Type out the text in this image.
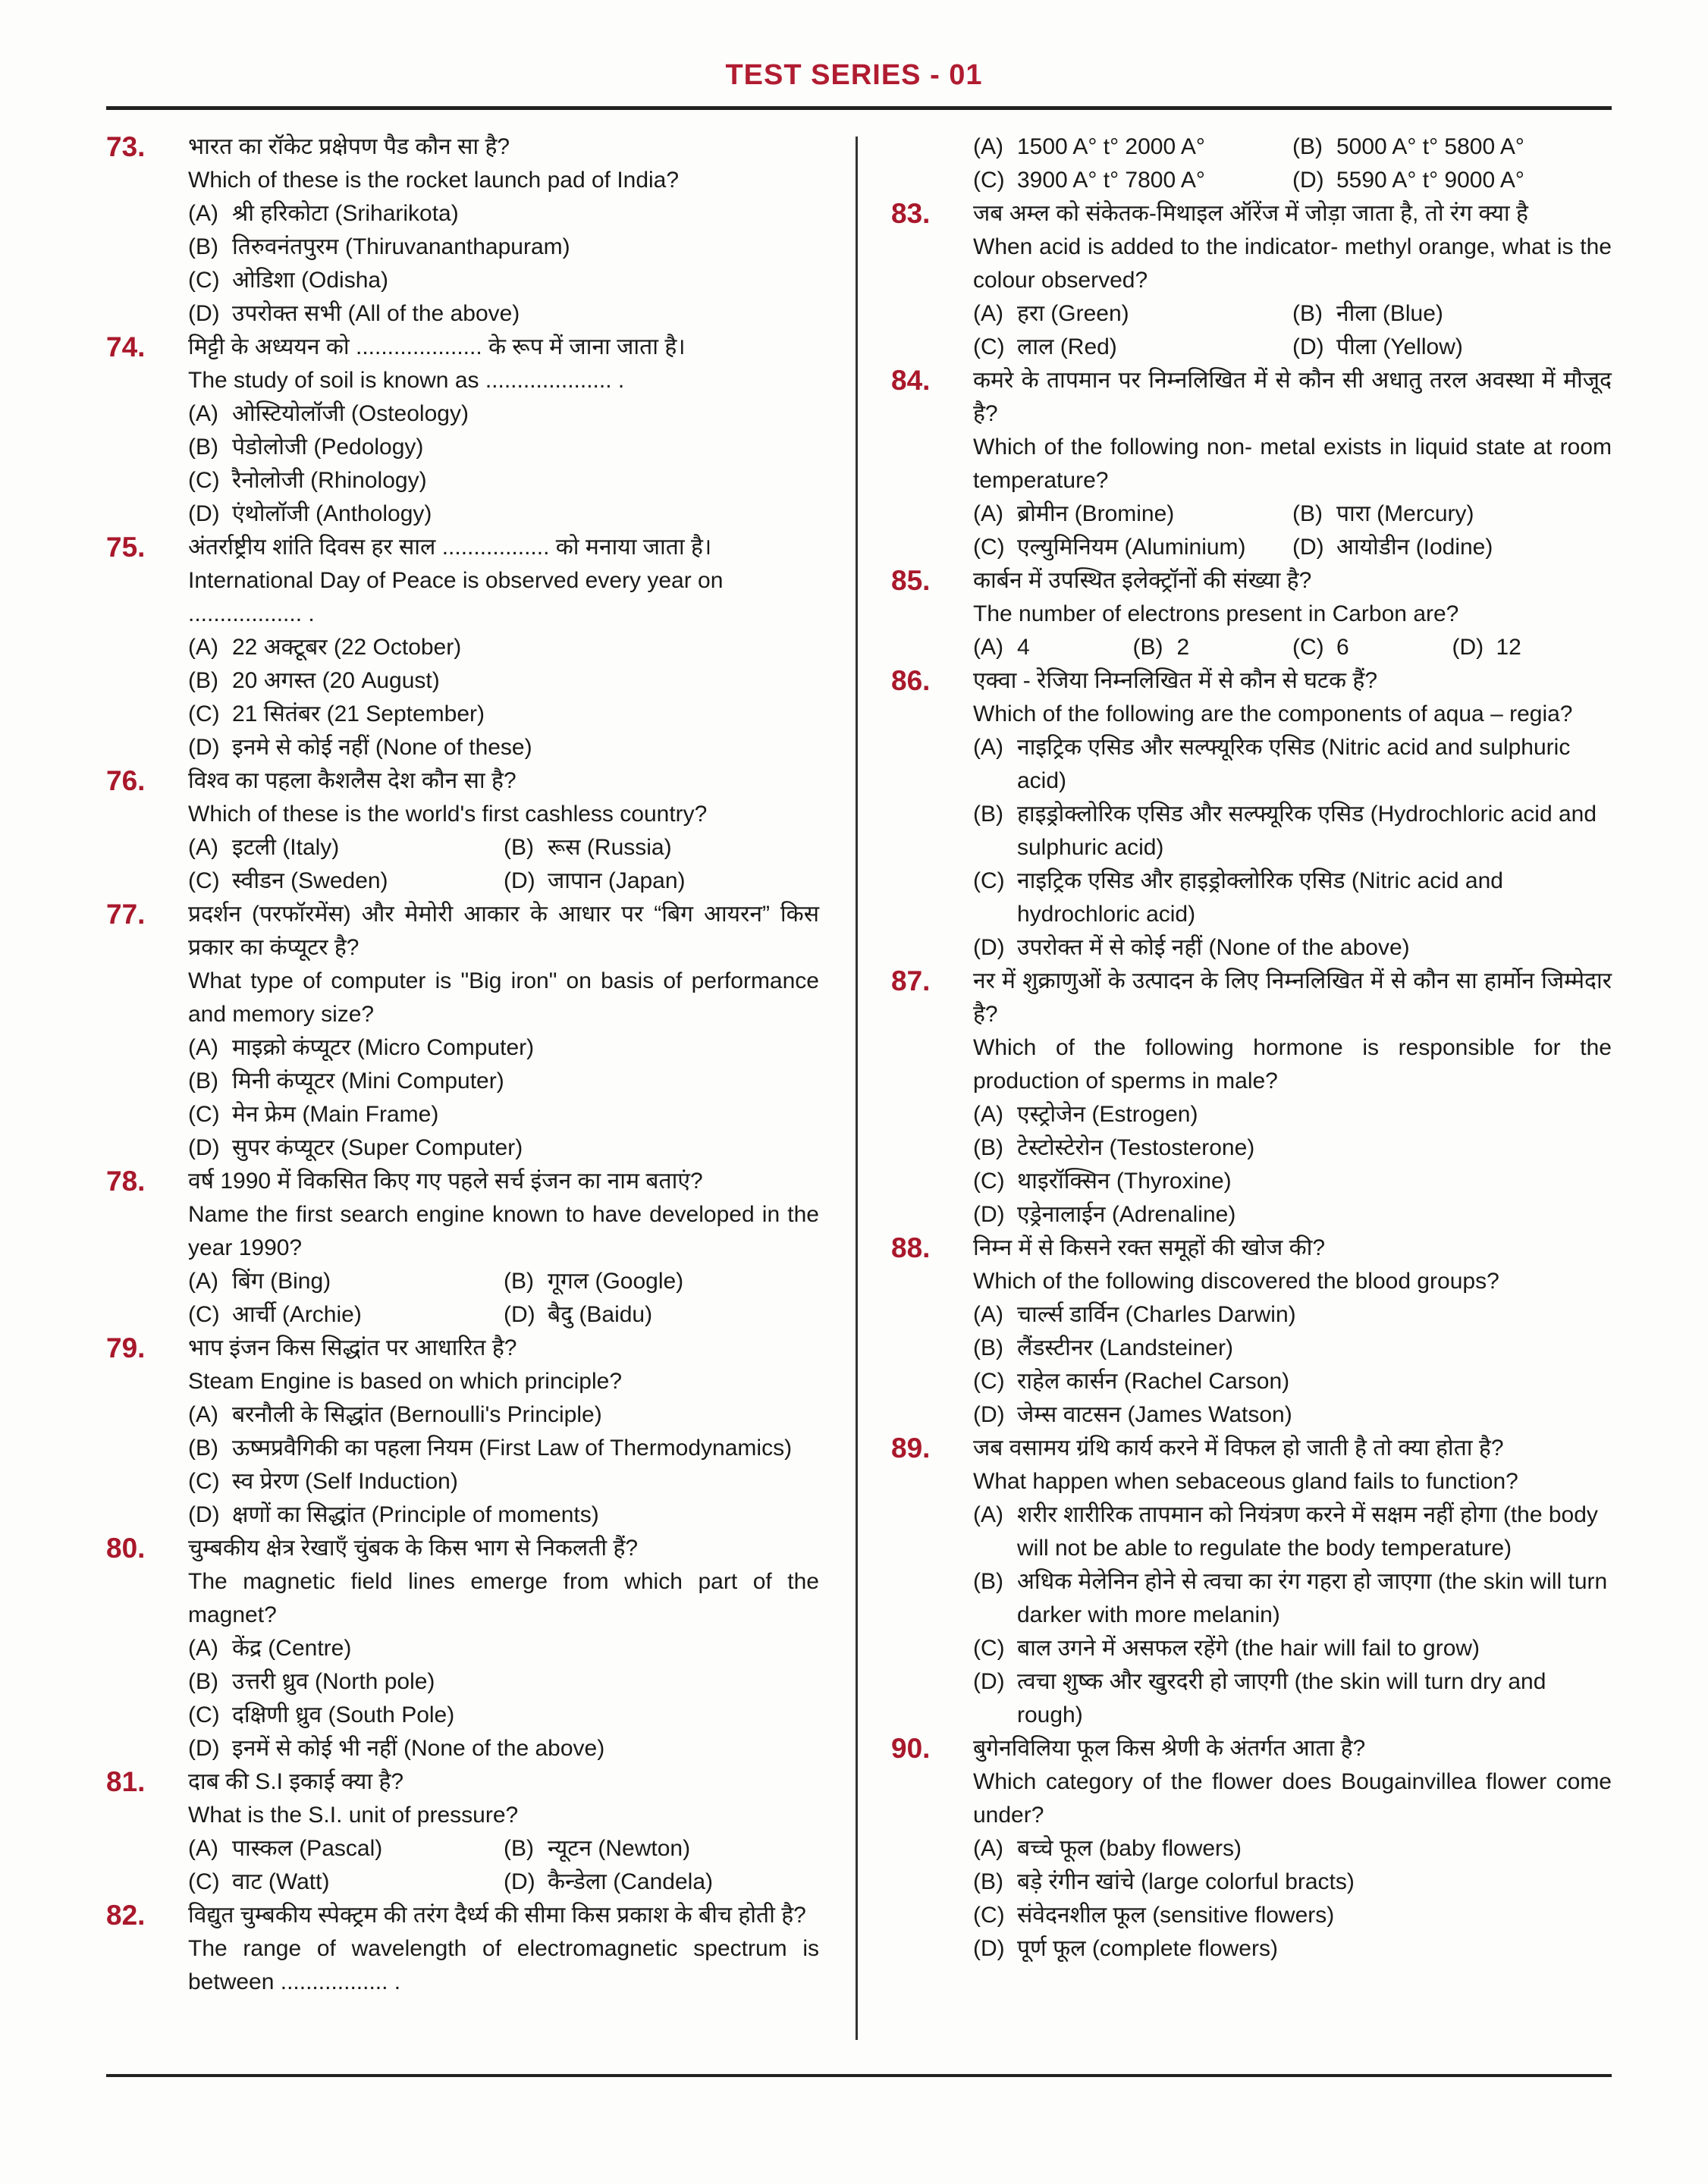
TEST SERIES - 01
73. भारत का रॉकेट प्रक्षेपण पैड कौन सा है?
Which of these is the rocket launch pad of India?
(A) श्री हरिकोटा (Sriharikota)
(B) तिरुवनंतपुरम (Thiruvananthapuram)
(C) ओडिशा (Odisha)
(D) उपरोक्त सभी (All of the above)
74. मिट्टी के अध्ययन को .................... के रूप में जाना जाता है।
The study of soil is known as .................... .
(A) ओस्टियोलॉजी (Osteology)
(B) पेडोलोजी (Pedology)
(C) रैनोलोजी (Rhinology)
(D) एंथोलॉजी (Anthology)
75. अंतर्राष्ट्रीय शांति दिवस हर साल ................. को मनाया जाता है।
International Day of Peace is observed every year on
.................. .
(A) 22 अक्टूबर (22 October)
(B) 20 अगस्त (20 August)
(C) 21 सितंबर (21 September)
(D) इनमे से कोई नहीं (None of these)
76. विश्व का पहला कैशलैस देश कौन सा है?
Which of these is the world's first cashless country?
(A) इटली (Italy)	(B) रूस (Russia)
(C) स्वीडन (Sweden)	(D) जापान (Japan)
77. प्रदर्शन (परफॉरमेंस) और मेमोरी आकार के आधार पर “बिग आयरन” किस प्रकार का कंप्यूटर है?
What type of computer is "Big iron" on basis of performance and memory size?
(A) माइक्रो कंप्यूटर (Micro Computer)
(B) मिनी कंप्यूटर (Mini Computer)
(C) मेन फ्रेम (Main Frame)
(D) सुपर कंप्यूटर (Super Computer)
78. वर्ष 1990 में विकसित किए गए पहले सर्च इंजन का नाम बताएं?
Name the first search engine known to have developed in the year 1990?
(A) बिंग (Bing)	(B) गूगल (Google)
(C) आर्ची (Archie)	(D) बैदु (Baidu)
79. भाप इंजन किस सिद्धांत पर आधारित है?
Steam Engine is based on which principle?
(A) बरनौली के सिद्धांत (Bernoulli's Principle)
(B) ऊष्मप्रवैगिकी का पहला नियम (First Law of Thermodynamics)
(C) स्व प्रेरण (Self Induction)
(D) क्षणों का सिद्धांत (Principle of moments)
80. चुम्बकीय क्षेत्र रेखाएँ चुंबक के किस भाग से निकलती हैं?
The magnetic field lines emerge from which part of the magnet?
(A) केंद्र (Centre)
(B) उत्तरी ध्रुव (North pole)
(C) दक्षिणी ध्रुव (South Pole)
(D) इनमें से कोई भी नहीं (None of the above)
81. दाब की S.I इकाई क्या है?
What is the S.I. unit of pressure?
(A) पास्कल (Pascal)	(B) न्यूटन (Newton)
(C) वाट (Watt)	(D) कैन्डेला (Candela)
82. विद्युत चुम्बकीय स्पेक्ट्रम की तरंग दैर्ध्य की सीमा किस प्रकाश के बीच होती है?
The range of wavelength of electromagnetic spectrum is between ................. .
(A) 1500 A° t° 2000 A°	(B) 5000 A° t° 5800 A°
(C) 3900 A° t° 7800 A°	(D) 5590 A° t° 9000 A°
83. जब अम्ल को संकेतक-मिथाइल ऑरेंज में जोड़ा जाता है, तो रंग क्या है
When acid is added to the indicator- methyl orange, what is the colour observed?
(A) हरा (Green)	(B) नीला (Blue)
(C) लाल (Red)	(D) पीला (Yellow)
84. कमरे के तापमान पर निम्नलिखित में से कौन सी अधातु तरल अवस्था में मौजूद है?
Which of the following non- metal exists in liquid state at room temperature?
(A) ब्रोमीन (Bromine)	(B) पारा (Mercury)
(C) एल्युमिनियम (Aluminium)	(D) आयोडीन (Iodine)
85. कार्बन में उपस्थित इलेक्ट्रॉनों की संख्या है?
The number of electrons present in Carbon are?
(A) 4	(B) 2	(C) 6	(D) 12
86. एक्वा - रेजिया निम्नलिखित में से कौन से घटक हैं?
Which of the following are the components of aqua – regia?
(A) नाइट्रिक एसिड और सल्फ्यूरिक एसिड (Nitric acid and sulphuric acid)
(B) हाइड्रोक्लोरिक एसिड और सल्फ्यूरिक एसिड (Hydrochloric acid and sulphuric acid)
(C) नाइट्रिक एसिड और हाइड्रोक्लोरिक एसिड (Nitric acid and hydrochloric acid)
(D) उपरोक्त में से कोई नहीं (None of the above)
87. नर में शुक्राणुओं के उत्पादन के लिए निम्नलिखित में से कौन सा हार्मोन जिम्मेदार है?
Which of the following hormone is responsible for the production of sperms in male?
(A) एस्ट्रोजेन (Estrogen)
(B) टेस्टोस्टेरोन (Testosterone)
(C) थाइरॉक्सिन (Thyroxine)
(D) एड्रेनालाईन (Adrenaline)
88. निम्न में से किसने रक्त समूहों की खोज की?
Which of the following discovered the blood groups?
(A) चार्ल्स डार्विन (Charles Darwin)
(B) लैंडस्टीनर (Landsteiner)
(C) राहेल कार्सन (Rachel Carson)
(D) जेम्स वाटसन (James Watson)
89. जब वसामय ग्रंथि कार्य करने में विफल हो जाती है तो क्या होता है?
What happen when sebaceous gland fails to function?
(A) शरीर शारीरिक तापमान को नियंत्रण करने में सक्षम नहीं होगा (the body will not be able to regulate the body temperature)
(B) अधिक मेलेनिन होने से त्वचा का रंग गहरा हो जाएगा (the skin will turn darker with more melanin)
(C) बाल उगने में असफल रहेंगे (the hair will fail to grow)
(D) त्वचा शुष्क और खुरदरी हो जाएगी (the skin will turn dry and rough)
90. बुगेनविलिया फूल किस श्रेणी के अंतर्गत आता है?
Which category of the flower does Bougainvillea flower come under?
(A) बच्चे फूल (baby flowers)
(B) बड़े रंगीन खांचे (large colorful bracts)
(C) संवेदनशील फूल (sensitive flowers)
(D) पूर्ण फूल (complete flowers)
